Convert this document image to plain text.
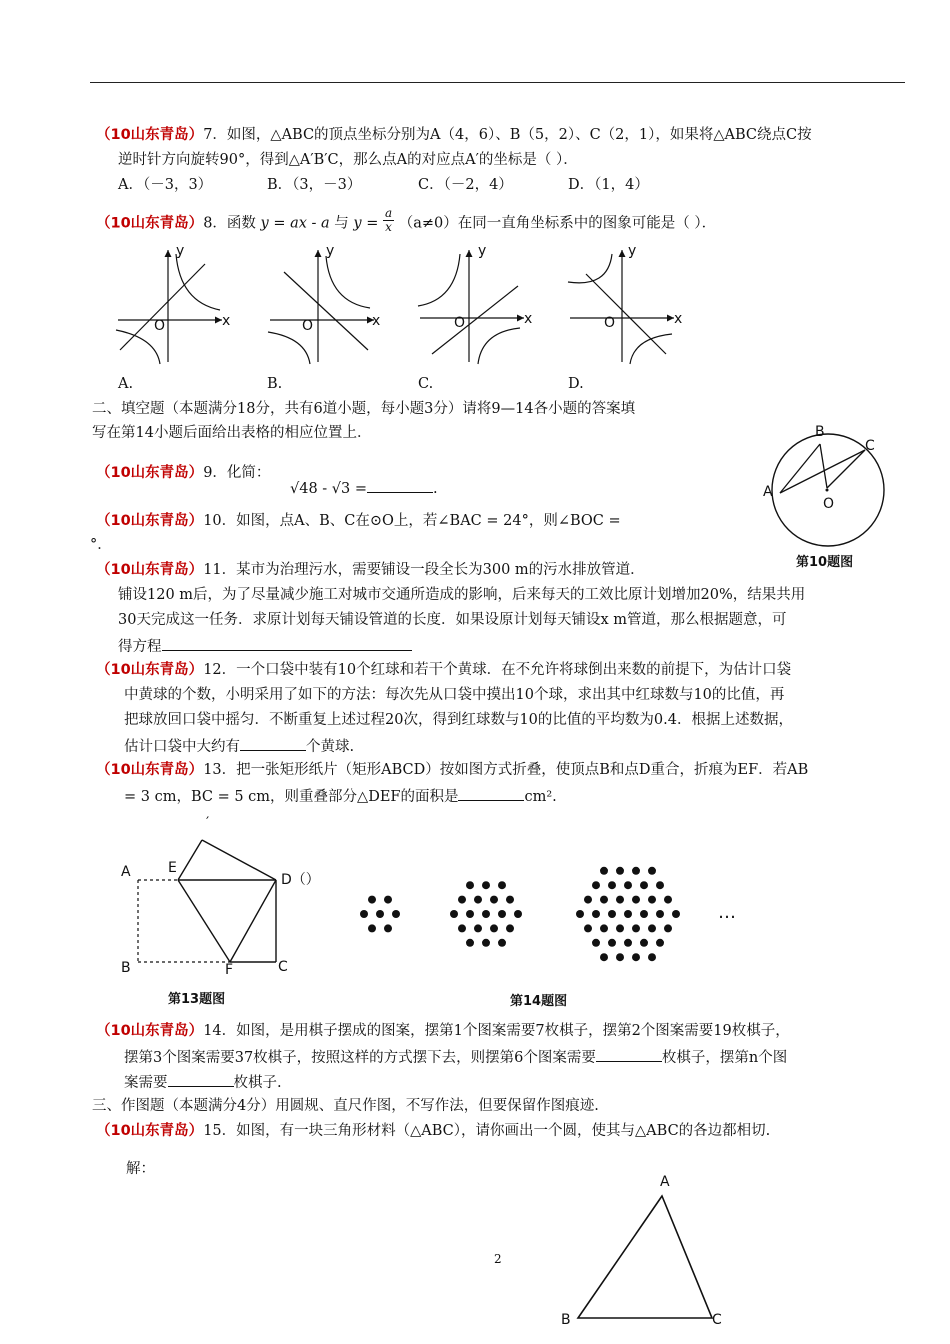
（10山东青岛）7．如图，△ABC的顶点坐标分别为A（4，6）、B（5，2）、C（2，1），如果将△ABC绕点C按
逆时针方向旋转90°，得到△A′B′C，那么点A的对应点A′的坐标是（ ）．
A．（－3，3）	B．（3，－3）	C．（－2，4）	D．（1，4）
（10山东青岛）8．函数 y = ax - a 与 $y = \frac{a}{x} (a\ne 0)$在同一直角坐标系中的图象可能是（ ）．
y
x
O
A.
y
x
O
B.
y
x
O
C.
y
x
O
D.
二、填空题（本题满分18分，共有6道小题，每小题3分）请将9—14各小题的答案填
写在第14小题后面给出表格的相应位置上．
（10山东青岛）9．化简：
√48 - √3 =	.
B
C
A
O
第10题图
（10山东青岛）10．如图，点A、B、C在⊙O上，若∠BAC = 24°，则∠BOC =
°．
（10山东青岛）11．某市为治理污水，需要铺设一段全长为300 m的污水排放管道．
铺设120 m后，为了尽量减少施工对城市交通所造成的影响，后来每天的工效比原计划增加20%，结果共用
30天完成这一任务．求原计划每天铺设管道的长度．如果设原计划每天铺设x m管道，那么根据题意，可
得方程
（10山东青岛）12．一个口袋中装有10个红球和若干个黄球．在不允许将球倒出来数的前提下，为估计口袋
中黄球的个数，小明采用了如下的方法：每次先从口袋中摸出10个球，求出其中红球数与10的比值，再
把球放回口袋中摇匀．不断重复上述过程20次，得到红球数与10的比值的平均数为0.4．根据上述数据，
估计口袋中大约有	个黄球.
（10山东青岛）13．把一张矩形纸片（矩形ABCD）按如图方式折叠，使顶点B和点D重合，折痕为EF．若AB
= 3 cm，BC = 5 cm，则重叠部分△DEF的面积是	cm².
′
A	E
D（）
B	F	C
第13题图
…
第14题图
（10山东青岛）14．如图，是用棋子摆成的图案，摆第1个图案需要7枚棋子，摆第2个图案需要19枚棋子，
摆第3个图案需要37枚棋子，按照这样的方式摆下去，则摆第6个图案需要	枚棋子，摆第n个图
案需要	枚棋子.
三、作图题（本题满分4分）用圆规、直尺作图，不写作法，但要保留作图痕迹.
（10山东青岛）15．如图，有一块三角形材料（△ABC），请你画出一个圆，使其与△ABC的各边都相切.
解：
2
A
B	C
